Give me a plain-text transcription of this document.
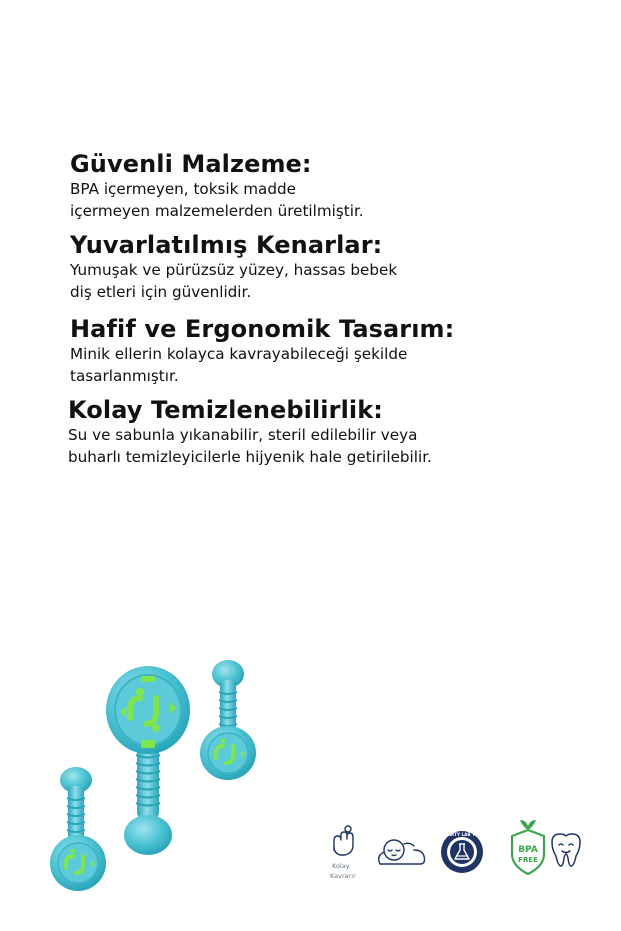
Güvenli Malzeme:

BPA içermeyen, toksik madde
içermeyen malzemelerden üretilmiştir.

Yuvarlatılmış Kenarlar:

Yumuşak ve pürüzsüz yüzey, hassas bebek
diş etleri için güvenlidir.

Hafif ve Ergonomik Tasarım:

Minik ellerin kolayca kavrayabileceği şekilde
tasarlanmıştır.

Kolay Temizlenebilirlik:

Su ve sabunla yıkanabilir, steril edilebilir veya
buharlı temizleyicilerle hijyenik hale getirilebilir.

Kolay
Kavrarır
3RD PARTY LAB TESTED
BPA
FREE
